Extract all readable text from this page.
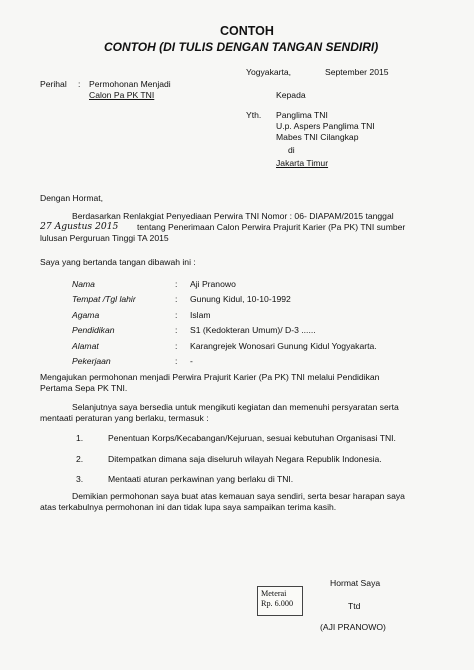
CONTOH
CONTOH (DI TULIS DENGAN TANGAN SENDIRI)
Perihal : Permohonan Menjadi
Calon Pa PK TNI
Yogyakarta,	September 2015
Kepada
Yth. Panglima TNI
U.p. Aspers Panglima TNI
Mabes TNI Cilangkap
di
Jakarta Timur
Dengan Hormat,
Berdasarkan Renlakgiat Penyediaan Perwira TNI Nomor : 06- DIAPAM/2015 tanggal
27 Agustus 2015 tentang Penerimaan Calon Perwira Prajurit Karier (Pa PK) TNI sumber
lulusan Perguruan Tinggi TA 2015
Saya yang bertanda tangan dibawah ini :
Nama	: Aji Pranowo
Tempat /Tgl lahir	: Gunung Kidul, 10-10-1992
Agama	: Islam
Pendidikan	: S1 (Kedokteran Umum)/ D-3 ......
Alamat	: Karangrejek Wonosari Gunung Kidul Yogyakarta.
Pekerjaan	: -
Mengajukan permohonan menjadi Perwira Prajurit Karier (Pa PK) TNI melalui Pendidikan
Pertama Sepa PK TNI.
Selanjutnya saya bersedia untuk mengikuti kegiatan dan memenuhi persyaratan serta
mentaati peraturan yang berlaku, termasuk :
1.	Penentuan Korps/Kecabangan/Kejuruan, sesuai kebutuhan Organisasi TNI.
2.	Ditempatkan dimana saja diseluruh wilayah Negara Republik Indonesia.
3.	Mentaati aturan perkawinan yang berlaku di TNI.
Demikian permohonan saya buat atas kemauan saya sendiri, serta besar harapan saya
atas terkabulnya permohonan ini dan tidak lupa saya sampaikan terima kasih.
Hormat Saya
Meterai
Rp. 6.000	Ttd
(AJI PRANOWO)
